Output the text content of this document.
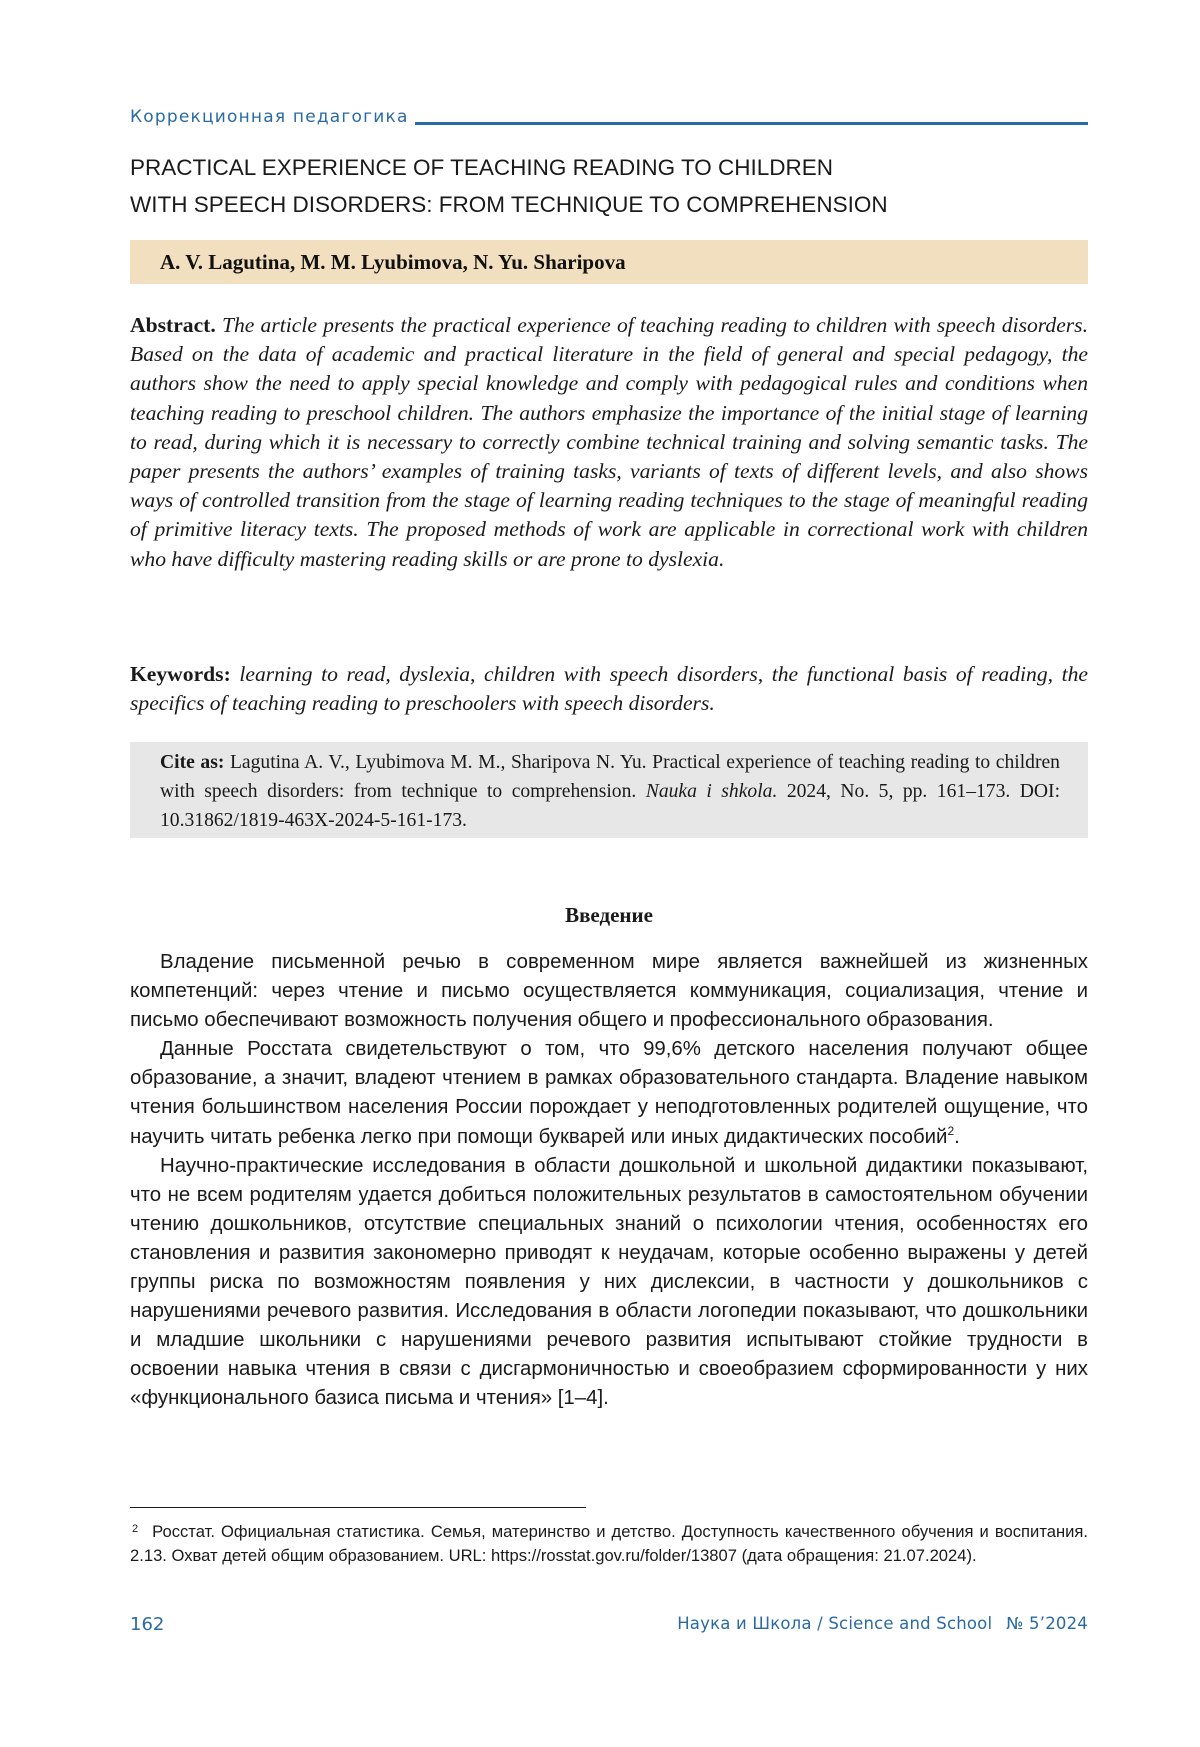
Коррекционная педагогика
PRACTICAL EXPERIENCE OF TEACHING READING TO CHILDREN
WITH SPEECH DISORDERS: FROM TECHNIQUE TO COMPREHENSION
A. V. Lagutina, M. M. Lyubimova, N. Yu. Sharipova

Abstract. The article presents the practical experience of teaching reading to children with speech disorders. Based on the data of academic and practical literature in the field of general and special pedagogy, the authors show the need to apply special knowledge and comply with pedagogical rules and conditions when teaching reading to preschool children. The authors emphasize the importance of the initial stage of learning to read, during which it is necessary to correctly combine technical training and solving semantic tasks. The paper presents the authors’ examples of training tasks, variants of texts of different levels, and also shows ways of controlled transition from the stage of learning reading techniques to the stage of meaningful reading of primitive literacy texts. The proposed methods of work are applicable in correctional work with children who have difficulty mastering reading skills or are prone to dyslexia.

Keywords: learning to read, dyslexia, children with speech disorders, the functional basis of reading, the specifics of teaching reading to preschoolers with speech disorders.

Cite as: Lagutina A. V., Lyubimova M. M., Sharipova N. Yu. Practical experience of teaching reading to children with speech disorders: from technique to comprehension. Nauka i shkola. 2024, No. 5, pp. 161–173. DOI: 10.31862/1819-463X-2024-5-161-173.
Введение

Владение письменной речью в современном мире является важнейшей из жизненных компетенций: через чтение и письмо осуществляется коммуникация, социализация, чтение и письмо обеспечивают возможность получения общего и профессионального образования.

Данные Росстата свидетельствуют о том, что 99,6% детского населения получают общее образование, а значит, владеют чтением в рамках образовательного стандарта. Владение навыком чтения большинством населения России порождает у неподготовленных родителей ощущение, что научить читать ребенка легко при помощи букварей или иных дидактических пособий$^2$.

Научно-практические исследования в области дошкольной и школьной дидактики показывают, что не всем родителям удается добиться положительных результатов в самостоятельном обучении чтению дошкольников, отсутствие специальных знаний о психологии чтения, особенностях его становления и развития закономерно приводят к неудачам, которые особенно выражены у детей группы риска по возможностям появления у них дислексии, в частности у дошкольников с нарушениями речевого развития. Исследования в области логопедии показывают, что дошкольники и младшие школьники с нарушениями речевого развития испытывают стойкие трудности в освоении навыка чтения в связи с дисгармоничностью и своеобразием сформированности у них «функционального базиса письма и чтения» [1–4].

$^2$ Росстат. Официальная статистика. Семья, материнство и детство. Доступность качественного обучения и воспитания. 2.13. Охват детей общим образованием. URL: https://rosstat.gov.ru/folder/13807 (дата обращения: 21.07.2024).

162	Наука и Школа / Science and School № 5’2024
